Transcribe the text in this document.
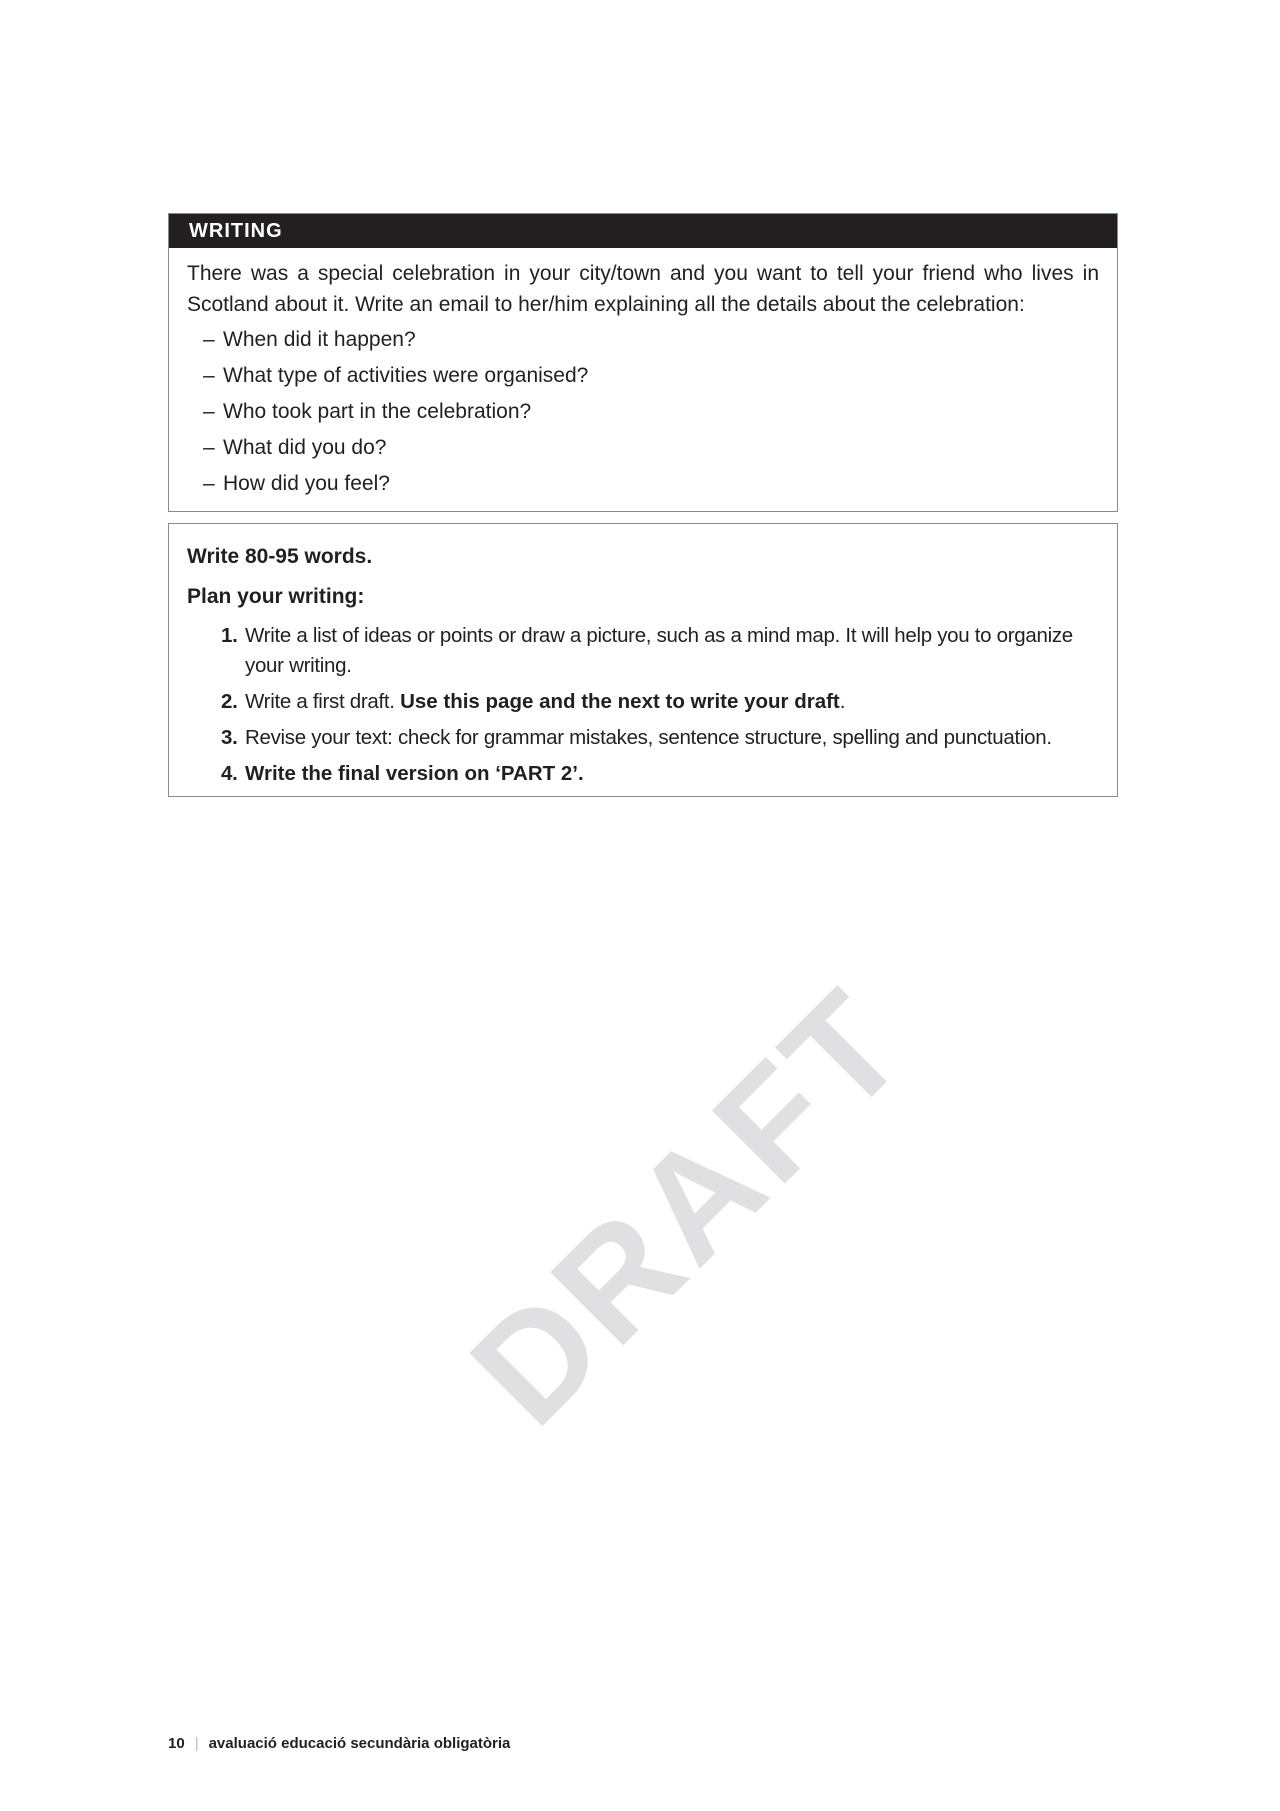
WRITING

There was a special celebration in your city/town and you want to tell your friend who lives in Scotland about it. Write an email to her/him explaining all the details about the celebration:

– When did it happen?
– What type of activities were organised?
– Who took part in the celebration?
– What did you do?
– How did you feel?
Write 80-95 words.
Plan your writing:
1. Write a list of ideas or points or draw a picture, such as a mind map. It will help you to organize your writing.
2. Write a first draft. Use this page and the next to write your draft.
3. Revise your text: check for grammar mistakes, sentence structure, spelling and punctuation.
4. Write the final version on ‘PART 2’.
DRAFT
10 | avaluació educació secundària obligatòria
